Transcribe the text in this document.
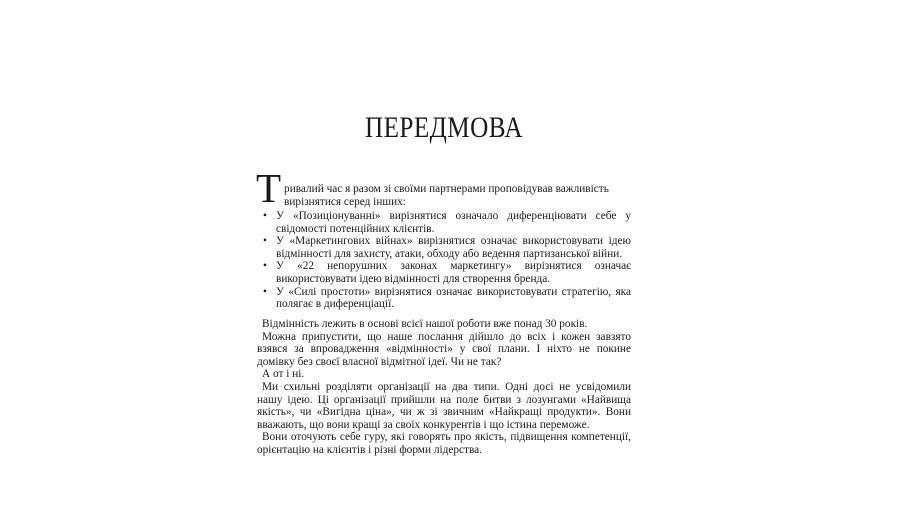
ПЕРЕДМОВА
Т ривалий час я разом зі своїми партнерами проповідував важливість вирізнятися серед інших:
• У «Позиціонуванні» вирізнятися означало диференціювати себе у свідомості потенційних клієнтів.
• У «Маркетингових війнах» вирізнятися означає використовувати ідею відмінності для захисту, атаки, обходу або ведення партизанської війни.
• У «22 непорушних законах маркетингу» вирізнятися означає використовувати ідею відмінності для створення бренда.
• У «Силі простоти» вирізнятися означає використовувати стратегію, яка полягає в диференціації.

Відмінність лежить в основі всієї нашої роботи вже понад 30 років.

Можна припустити, що наше послання дійшло до всіх і кожен завзято взявся за впровадження «відмінності» у свої плани. І ніхто не покине домівку без своєї власної відмітної ідеї. Чи не так?

А от і ні.

Ми схильні розділяти організації на два типи. Одні досі не усвідомили нашу ідею. Ці організації прийшли на поле битви з лозунгами «Найвища якість», чи «Вигідна ціна», чи ж зі звичним «Найкращі продукти». Вони вважають, що вони кращі за своїх конкурентів і що істина переможе.

Вони оточують себе гуру, які говорять про якість, підвищення компетенції, орієнтацію на клієнтів і різні форми лідерства.
